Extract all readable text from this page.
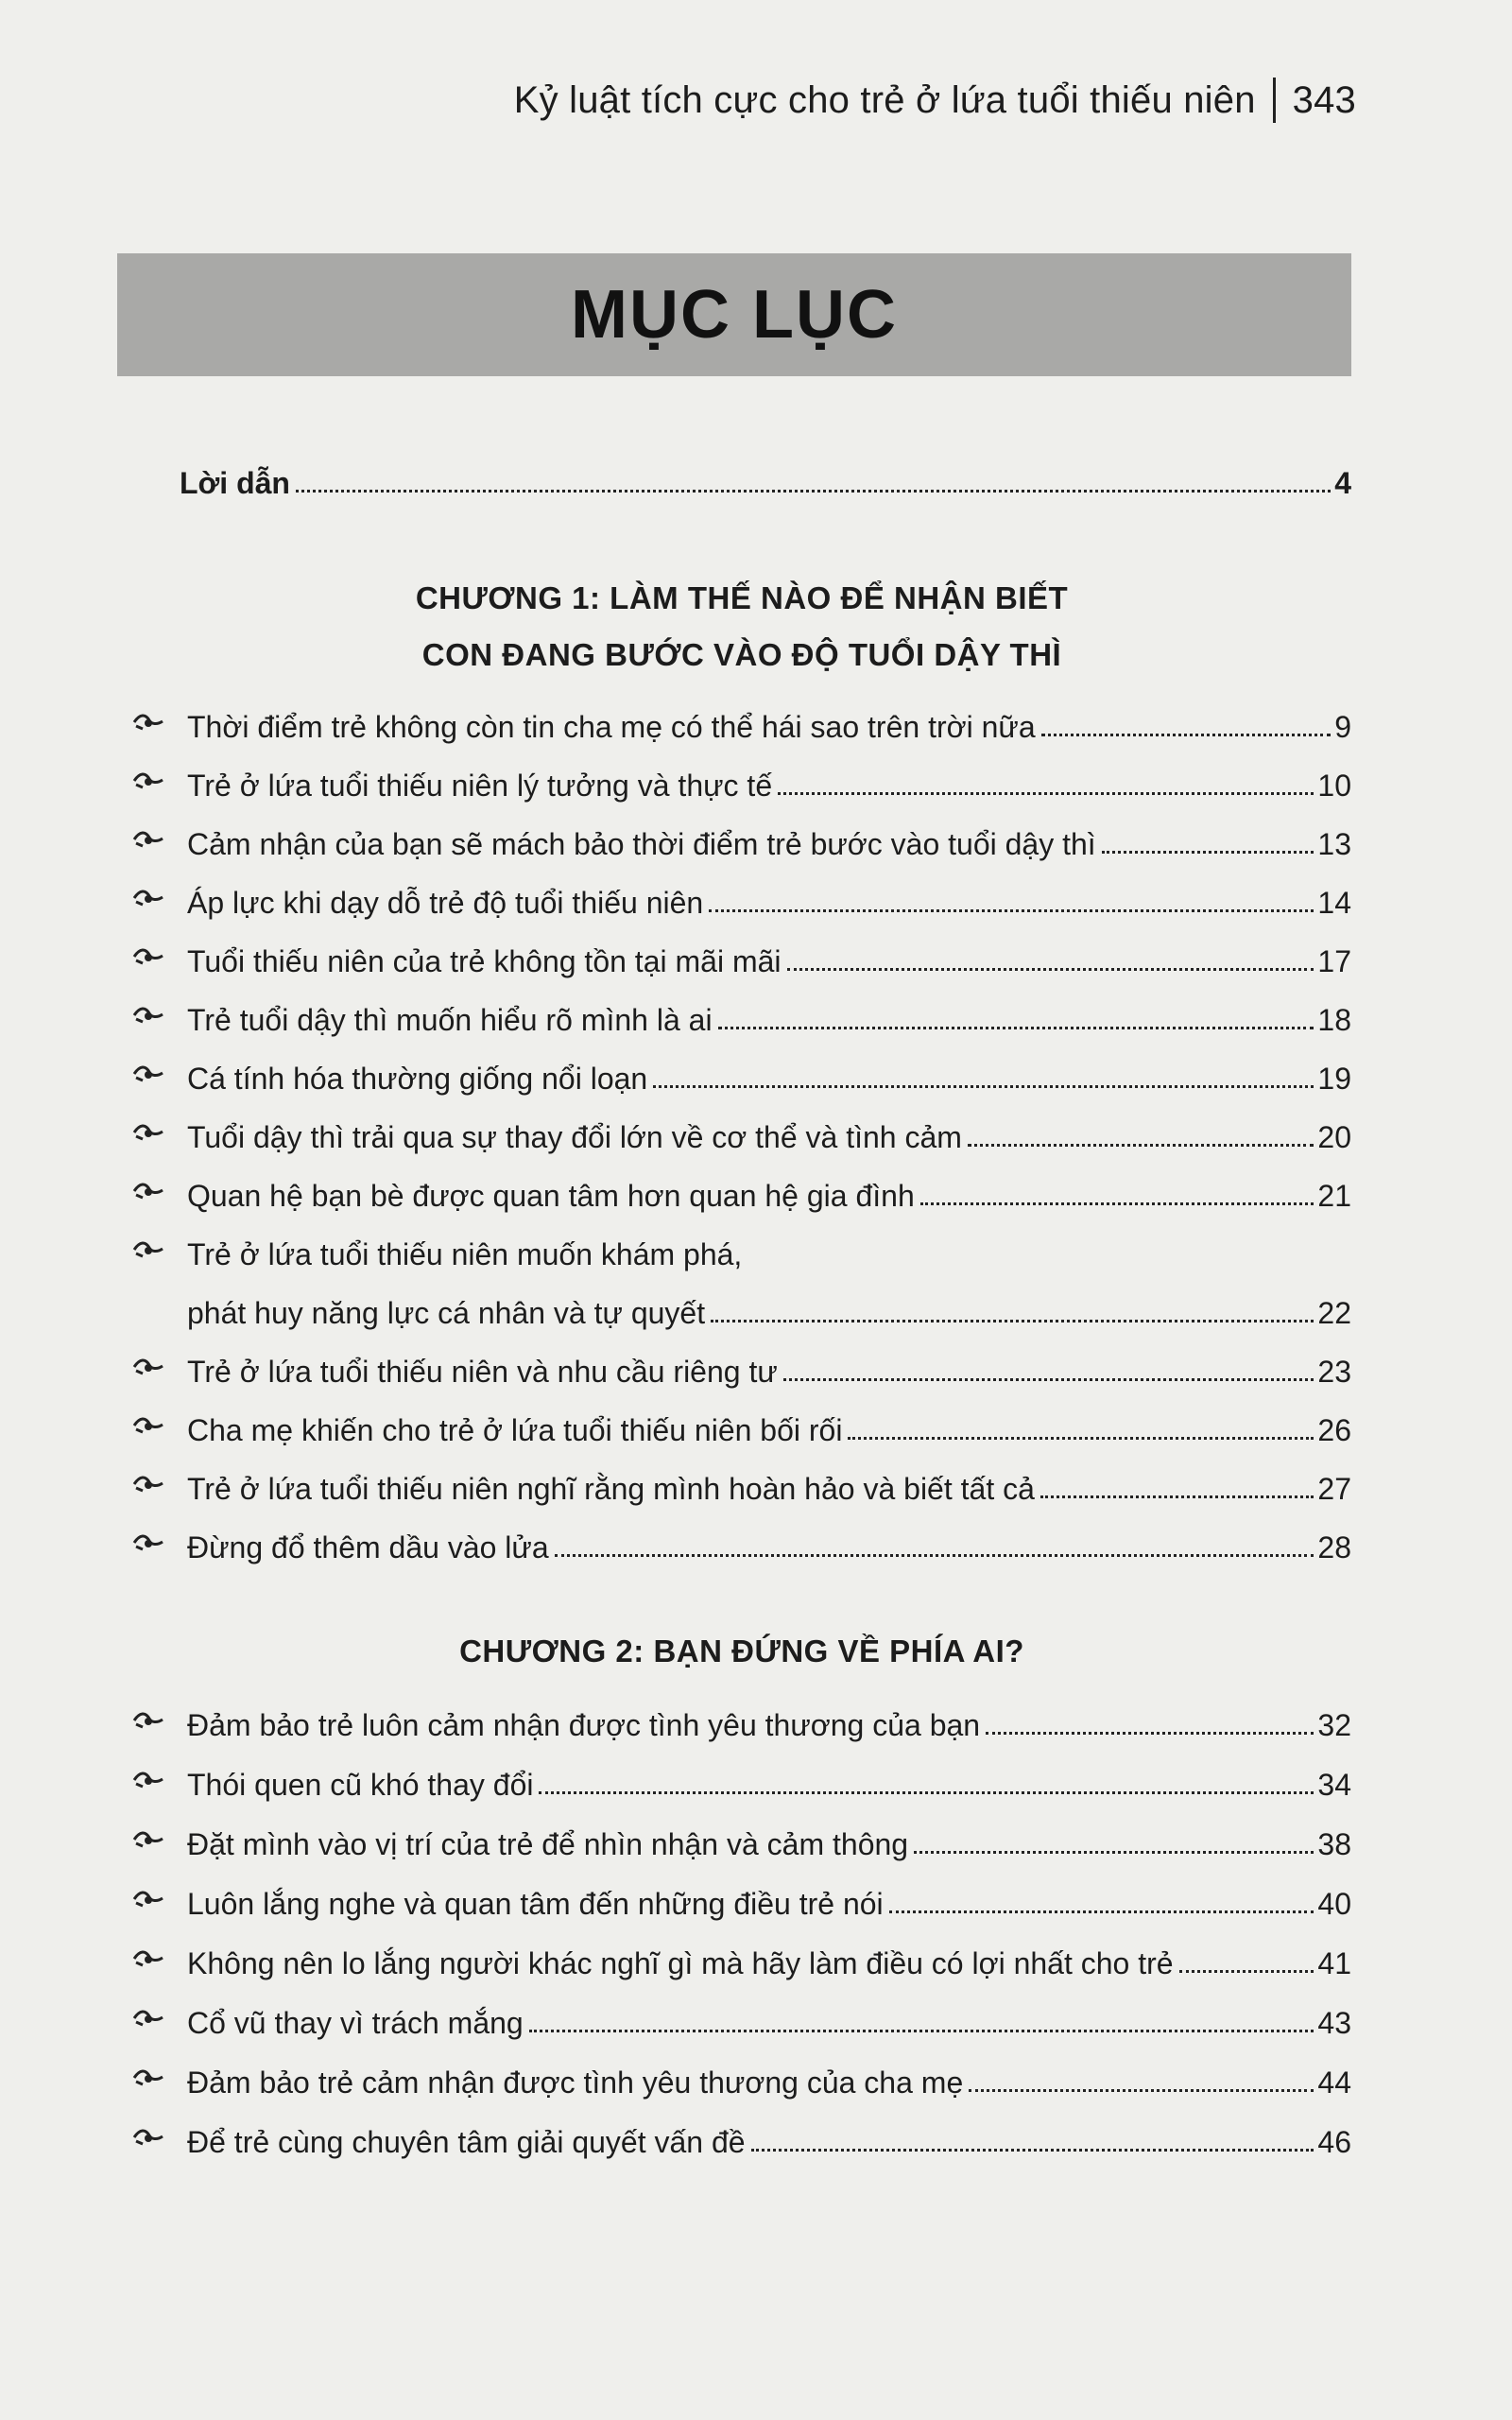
Kỷ luật tích cực cho trẻ ở lứa tuổi thiếu niên 343
MỤC LỤC
Lời dẫn	4
CHƯƠNG 1: LÀM THẾ NÀO ĐỂ NHẬN BIẾT
CON ĐANG BƯỚC VÀO ĐỘ TUỔI DẬY THÌ
CHƯƠNG 2: BẠN ĐỨNG VỀ PHÍA AI?
Thời điểm trẻ không còn tin cha mẹ có thể hái sao trên trời nữa	9
Trẻ ở lứa tuổi thiếu niên lý tưởng và thực tế	10
Cảm nhận của bạn sẽ mách bảo thời điểm trẻ bước vào tuổi dậy thì	13
Áp lực khi dạy dỗ trẻ độ tuổi thiếu niên	14
Tuổi thiếu niên của trẻ không tồn tại mãi mãi	17
Trẻ tuổi dậy thì muốn hiểu rõ mình là ai	18
Cá tính hóa thường giống nổi loạn	19
Tuổi dậy thì trải qua sự thay đổi lớn về cơ thể và tình cảm	20
Quan hệ bạn bè được quan tâm hơn quan hệ gia đình	21
Trẻ ở lứa tuổi thiếu niên muốn khám phá,
phát huy năng lực cá nhân và tự quyết	22
Trẻ ở lứa tuổi thiếu niên và nhu cầu riêng tư	23
Cha mẹ khiến cho trẻ ở lứa tuổi thiếu niên bối rối	26
Trẻ ở lứa tuổi thiếu niên nghĩ rằng mình hoàn hảo và biết tất cả	27
Đừng đổ thêm dầu vào lửa	28
Đảm bảo trẻ luôn cảm nhận được tình yêu thương của bạn	32
Thói quen cũ khó thay đổi	34
Đặt mình vào vị trí của trẻ để nhìn nhận và cảm thông	38
Luôn lắng nghe và quan tâm đến những điều trẻ nói	40
Không nên lo lắng người khác nghĩ gì mà hãy làm điều có lợi nhất cho trẻ	41
Cổ vũ thay vì trách mắng	43
Đảm bảo trẻ cảm nhận được tình yêu thương của cha mẹ	44
Để trẻ cùng chuyên tâm giải quyết vấn đề	46
